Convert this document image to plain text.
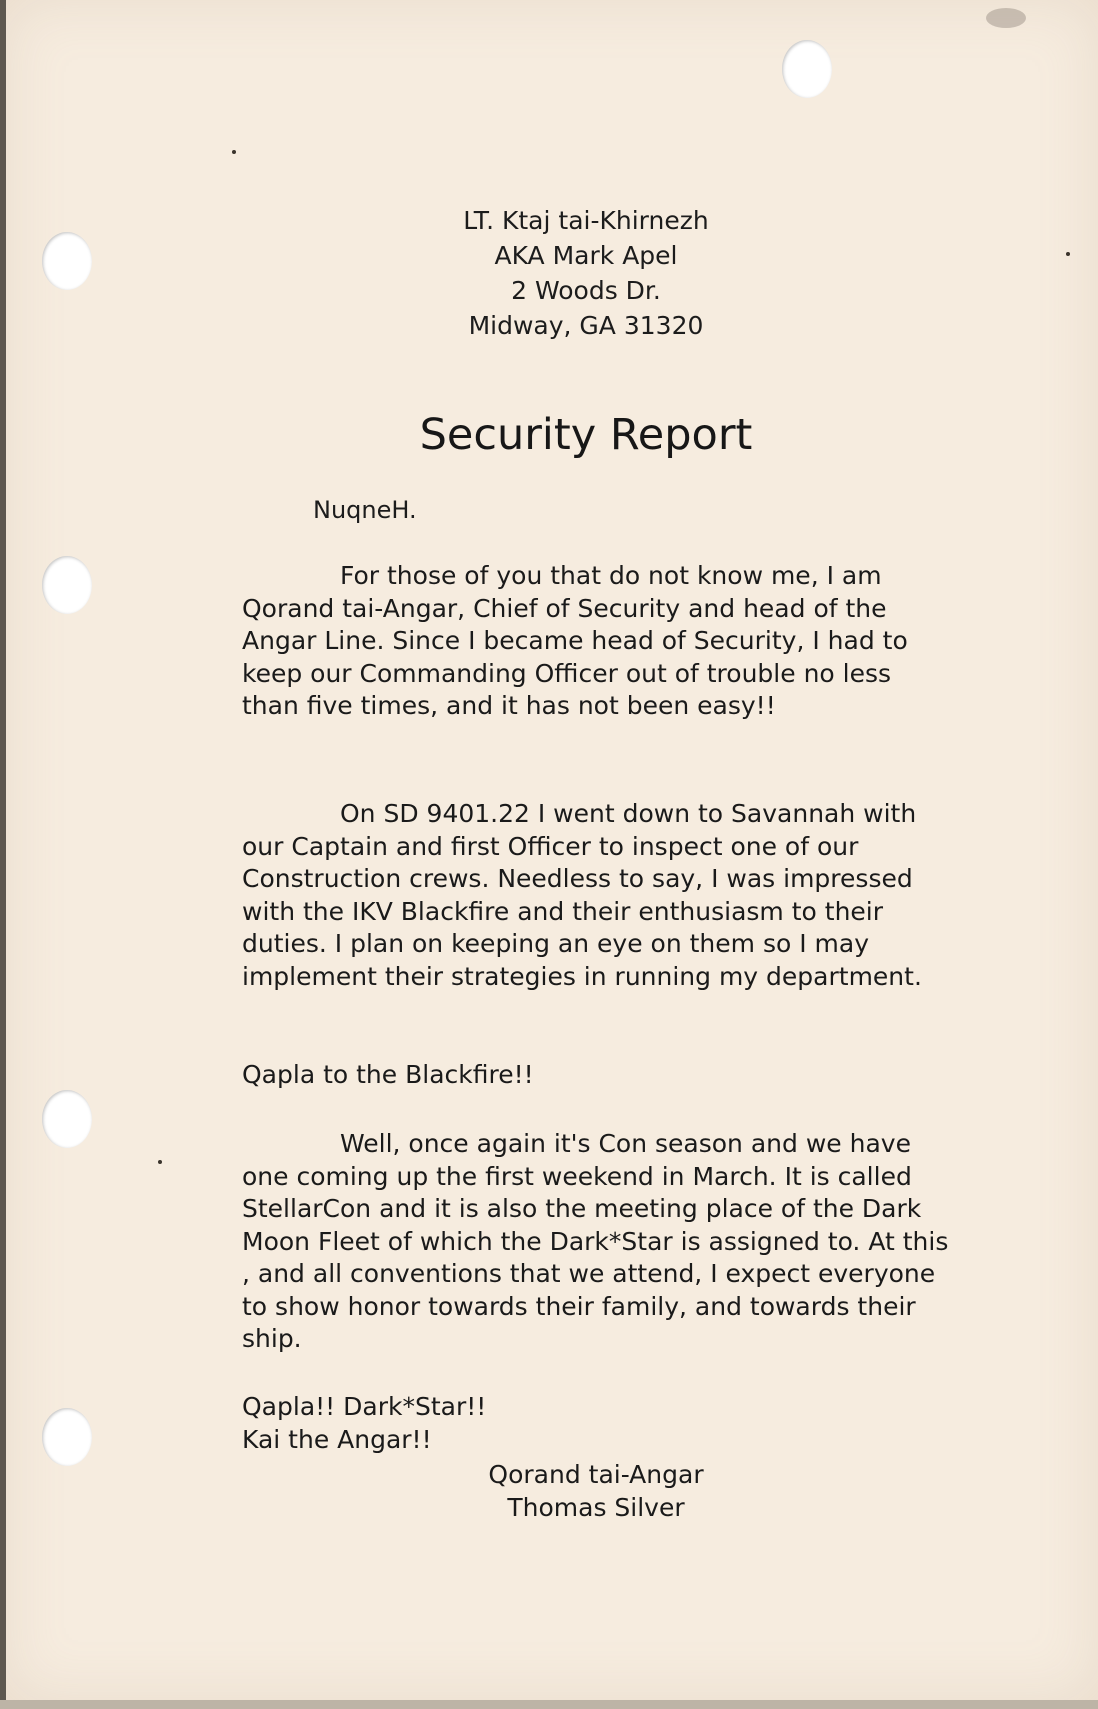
LT. Ktaj tai-Khirnezh
AKA Mark Apel
2 Woods Dr.
Midway, GA 31320
Security Report
NuqneH.
For those of you that do not know me, I am Qorand tai-Angar, Chief of Security and head of the Angar Line. Since I became head of Security, I had to keep our Commanding Officer out of trouble no less than five times, and it has not been easy!!
On SD 9401.22 I went down to Savannah with our Captain and first Officer to inspect one of our Construction crews. Needless to say, I was impressed with the IKV Blackfire and their enthusiasm to their duties. I plan on keeping an eye on them so I may implement their strategies in running my department.
Qapla to the Blackfire!!
Well, once again it's Con season and we have one coming up the first weekend in March. It is called StellarCon and it is also the meeting place of the Dark Moon Fleet of which the Dark*Star is assigned to. At this , and all conventions that we attend, I expect everyone to show honor towards their family, and towards their ship.
Qapla!! Dark*Star!!
Kai the Angar!!
Qorand tai-Angar
Thomas Silver
